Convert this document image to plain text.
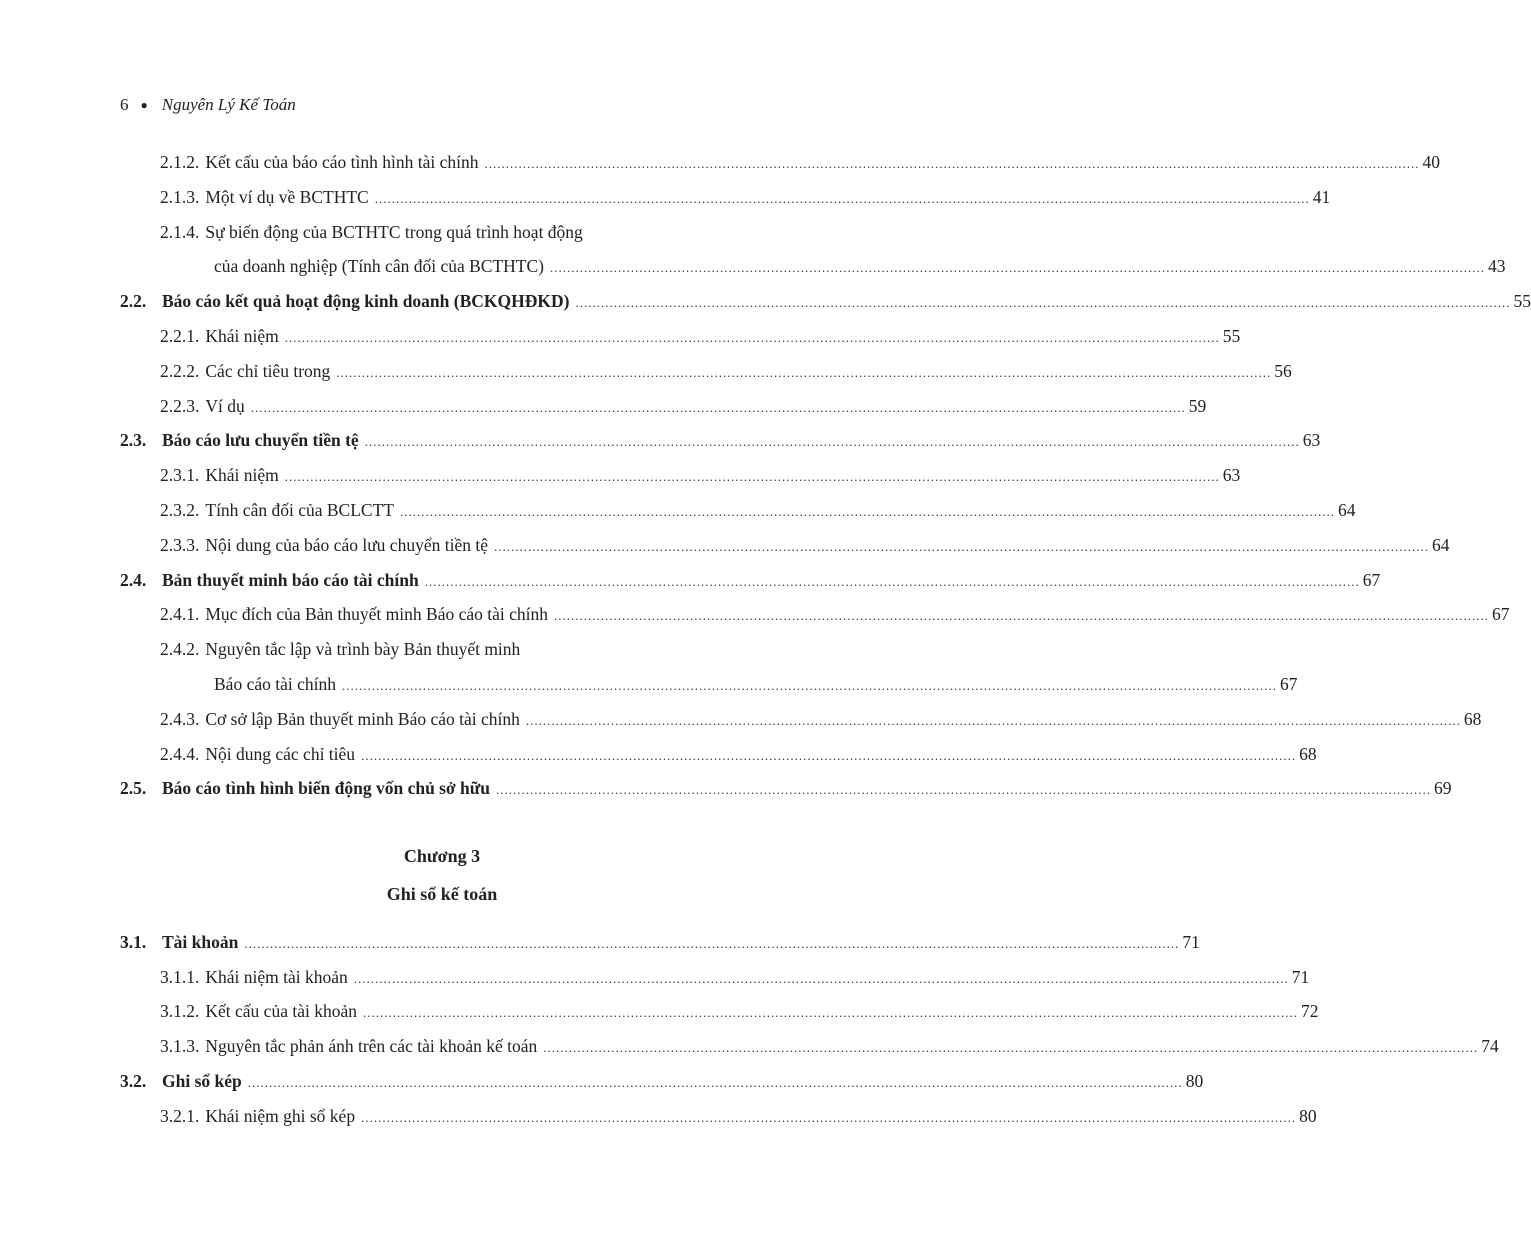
6 ● Nguyên Lý Kế Toán
2.1.2. Kết cấu của báo cáo tình hình tài chính ............................................................................................................................................................................................................................ 40
2.1.3. Một ví dụ về BCTHTC ............................................................................................................................................................................................................................ 41
2.1.4. Sự biến động của BCTHTC trong quá trình hoạt động
của doanh nghiệp (Tính cân đối của BCTHTC) ............................................................................................................................................................................................................................ 43
2.2. Báo cáo kết quả hoạt động kinh doanh (BCKQHĐKD) ............................................................................................................................................................................................................................ 55
2.2.1. Khái niệm ............................................................................................................................................................................................................................ 55
2.2.2. Các chỉ tiêu trong ............................................................................................................................................................................................................................ 56
2.2.3. Ví dụ ............................................................................................................................................................................................................................ 59
2.3. Báo cáo lưu chuyển tiền tệ ............................................................................................................................................................................................................................ 63
2.3.1. Khái niệm ............................................................................................................................................................................................................................ 63
2.3.2. Tính cân đối của BCLCTT ............................................................................................................................................................................................................................ 64
2.3.3. Nội dung của báo cáo lưu chuyển tiền tệ ............................................................................................................................................................................................................................ 64
2.4. Bản thuyết minh báo cáo tài chính ............................................................................................................................................................................................................................ 67
2.4.1. Mục đích của Bản thuyết minh Báo cáo tài chính ............................................................................................................................................................................................................................ 67
2.4.2. Nguyên tắc lập và trình bày Bản thuyết minh
Báo cáo tài chính ............................................................................................................................................................................................................................ 67
2.4.3. Cơ sở lập Bản thuyết minh Báo cáo tài chính ............................................................................................................................................................................................................................ 68
2.4.4. Nội dung các chỉ tiêu ............................................................................................................................................................................................................................ 68
2.5. Báo cáo tình hình biến động vốn chủ sở hữu ............................................................................................................................................................................................................................ 69
Chương 3
Ghi sổ kế toán
3.1. Tài khoản ............................................................................................................................................................................................................................ 71
3.1.1. Khái niệm tài khoản ............................................................................................................................................................................................................................ 71
3.1.2. Kết cấu của tài khoản ............................................................................................................................................................................................................................ 72
3.1.3. Nguyên tắc phản ánh trên các tài khoản kế toán ............................................................................................................................................................................................................................ 74
3.2. Ghi sổ kép ............................................................................................................................................................................................................................ 80
3.2.1. Khái niệm ghi sổ kép ............................................................................................................................................................................................................................ 80
